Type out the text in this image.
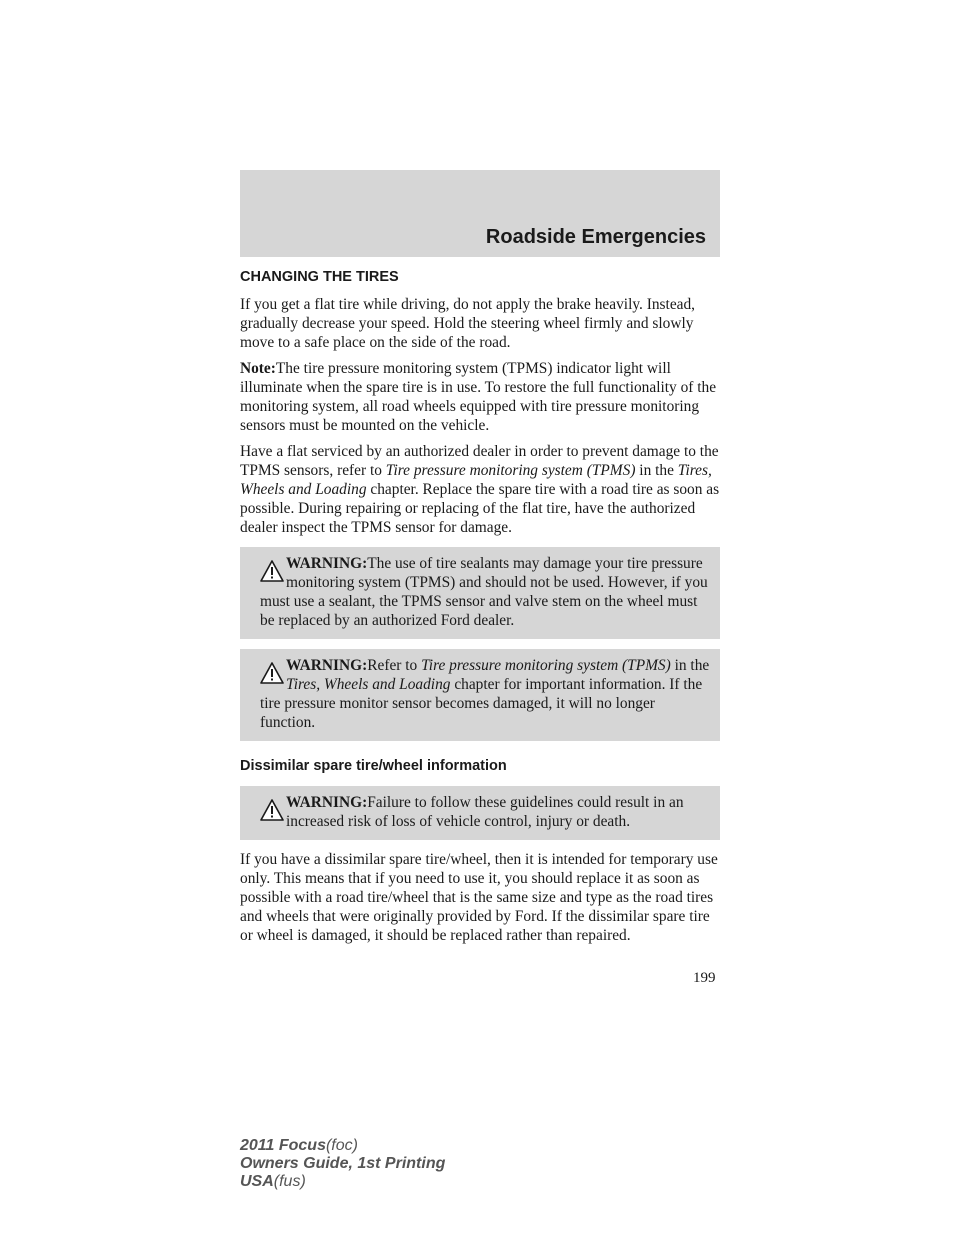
Roadside Emergencies
CHANGING THE TIRES

If you get a flat tire while driving, do not apply the brake heavily. Instead, gradually decrease your speed. Hold the steering wheel firmly and slowly move to a safe place on the side of the road.

Note:The tire pressure monitoring system (TPMS) indicator light will illuminate when the spare tire is in use. To restore the full functionality of the monitoring system, all road wheels equipped with tire pressure monitoring sensors must be mounted on the vehicle.

Have a flat serviced by an authorized dealer in order to prevent damage to the TPMS sensors, refer to Tire pressure monitoring system (TPMS) in the Tires, Wheels and Loading chapter. Replace the spare tire with a road tire as soon as possible. During repairing or replacing of the flat tire, have the authorized dealer inspect the TPMS sensor for damage.

WARNING:The use of tire sealants may damage your tire pressure monitoring system (TPMS) and should not be used. However, if you must use a sealant, the TPMS sensor and valve stem on the wheel must be replaced by an authorized Ford dealer.
WARNING:Refer to Tire pressure monitoring system (TPMS) in the Tires, Wheels and Loading chapter for important information. If the tire pressure monitor sensor becomes damaged, it will no longer function.
Dissimilar spare tire/wheel information
WARNING:Failure to follow these guidelines could result in an increased risk of loss of vehicle control, injury or death.

If you have a dissimilar spare tire/wheel, then it is intended for temporary use only. This means that if you need to use it, you should replace it as soon as possible with a road tire/wheel that is the same size and type as the road tires and wheels that were originally provided by Ford. If the dissimilar spare tire or wheel is damaged, it should be replaced rather than repaired.

199
2011 Focus(foc)
Owners Guide, 1st Printing
USA(fus)
